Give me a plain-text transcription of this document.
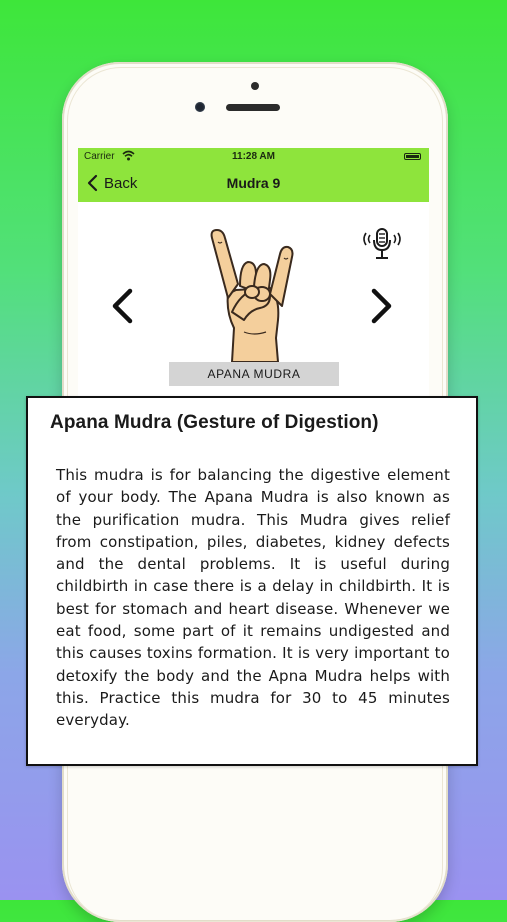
Carrier	11:28 AM
Back	Mudra 9
APANA MUDRA
Apana Mudra (Gesture of Digestion)
This mudra is for balancing the digestive element of your body. The Apana Mudra is also known as the purification mudra. This Mudra gives relief from constipation, piles, diabetes, kidney defects and the dental problems. It is useful during childbirth in case there is a delay in childbirth. It is best for stomach and heart disease. Whenever we eat food, some part of it remains undigested and this causes toxins formation. It is very important to detoxify the body and the Apna Mudra helps with this. Practice this mudra for 30 to 45 minutes everyday.
